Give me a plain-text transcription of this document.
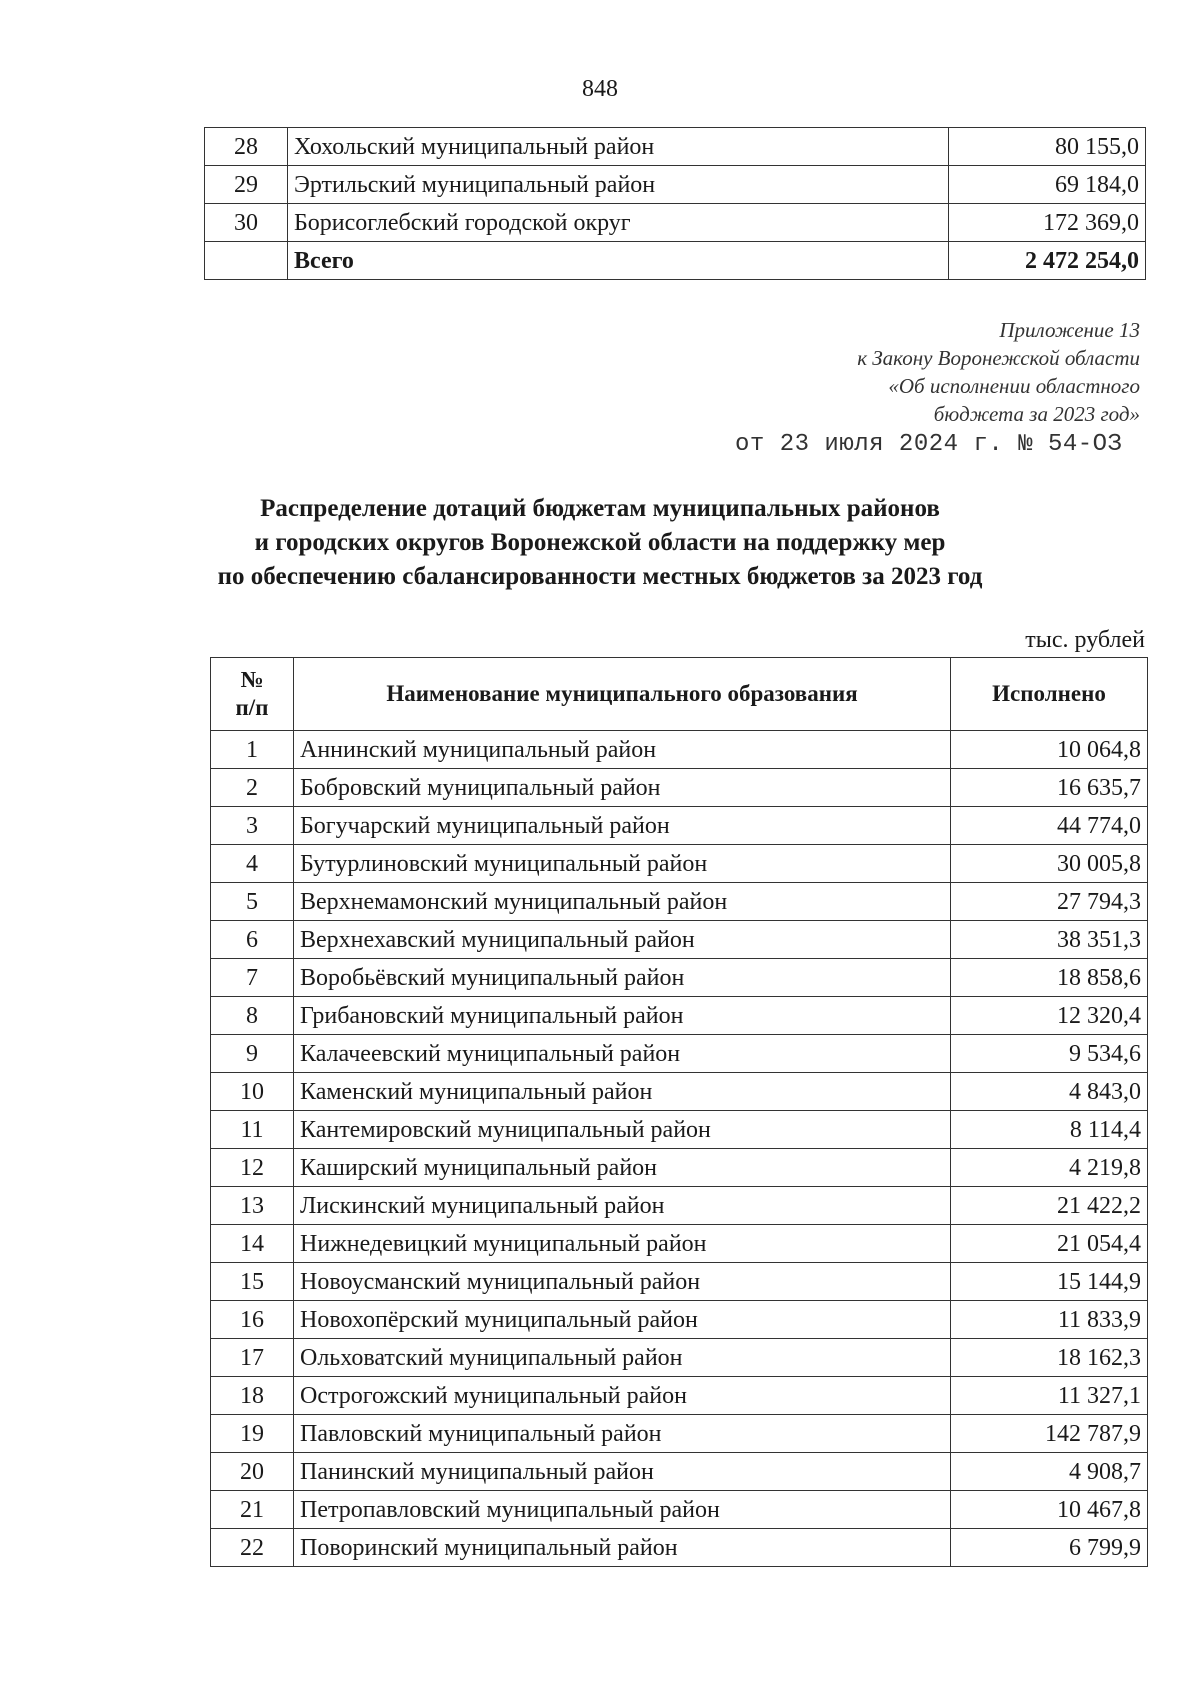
848
28	Хохольский муниципальный район	80 155,0
29	Эртильский муниципальный район	69 184,0
30	Борисоглебский городской округ	172 369,0
	Всего	2 472 254,0
Приложение 13
к Закону Воронежской области
«Об исполнении областного
бюджета за 2023 год»
от 23 июля 2024 г. № 54-ОЗ
Распределение дотаций бюджетам муниципальных районов
и городских округов Воронежской области на поддержку мер
по обеспечению сбалансированности местных бюджетов за 2023 год
тыс. рублей
№
п/п	Наименование муниципального образования	Исполнено
1	Аннинский муниципальный район	10 064,8
2	Бобровский муниципальный район	16 635,7
3	Богучарский муниципальный район	44 774,0
4	Бутурлиновский муниципальный район	30 005,8
5	Верхнемамонский муниципальный район	27 794,3
6	Верхнехавский муниципальный район	38 351,3
7	Воробьёвский муниципальный район	18 858,6
8	Грибановский муниципальный район	12 320,4
9	Калачеевский муниципальный район	9 534,6
10	Каменский муниципальный район	4 843,0
11	Кантемировский муниципальный район	8 114,4
12	Каширский муниципальный район	4 219,8
13	Лискинский муниципальный район	21 422,2
14	Нижнедевицкий муниципальный район	21 054,4
15	Новоусманский муниципальный район	15 144,9
16	Новохопёрский муниципальный район	11 833,9
17	Ольховатский муниципальный район	18 162,3
18	Острогожский муниципальный район	11 327,1
19	Павловский муниципальный район	142 787,9
20	Панинский муниципальный район	4 908,7
21	Петропавловский муниципальный район	10 467,8
22	Поворинский муниципальный район	6 799,9
